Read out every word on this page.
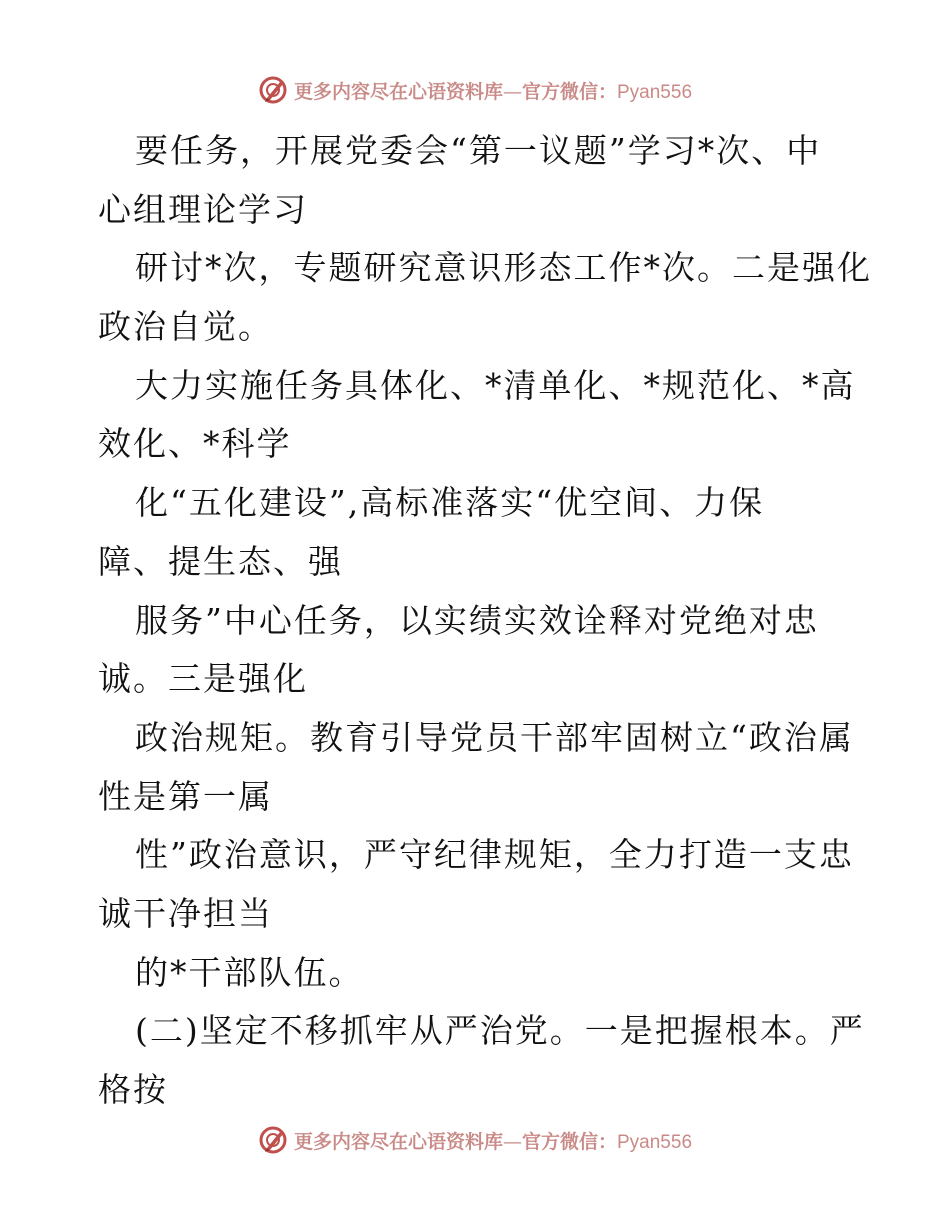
更多内容尽在心语资料库—官方微信：Pyan556
要任务，开展党委会“第一议题”学习*次、中
心组理论学习
研讨*次，专题研究意识形态工作*次。二是强化
政治自觉。
大力实施任务具体化、*清单化、*规范化、*高
效化、*科学
化“五化建设”,高标准落实“优空间、力保
障、提生态、强
服务”中心任务，以实绩实效诠释对党绝对忠
诚。三是强化
政治规矩。教育引导党员干部牢固树立“政治属
性是第一属
性”政治意识，严守纪律规矩，全力打造一支忠
诚干净担当
的*干部队伍。
(二)坚定不移抓牢从严治党。一是把握根本。严
格按
更多内容尽在心语资料库—官方微信：Pyan556
